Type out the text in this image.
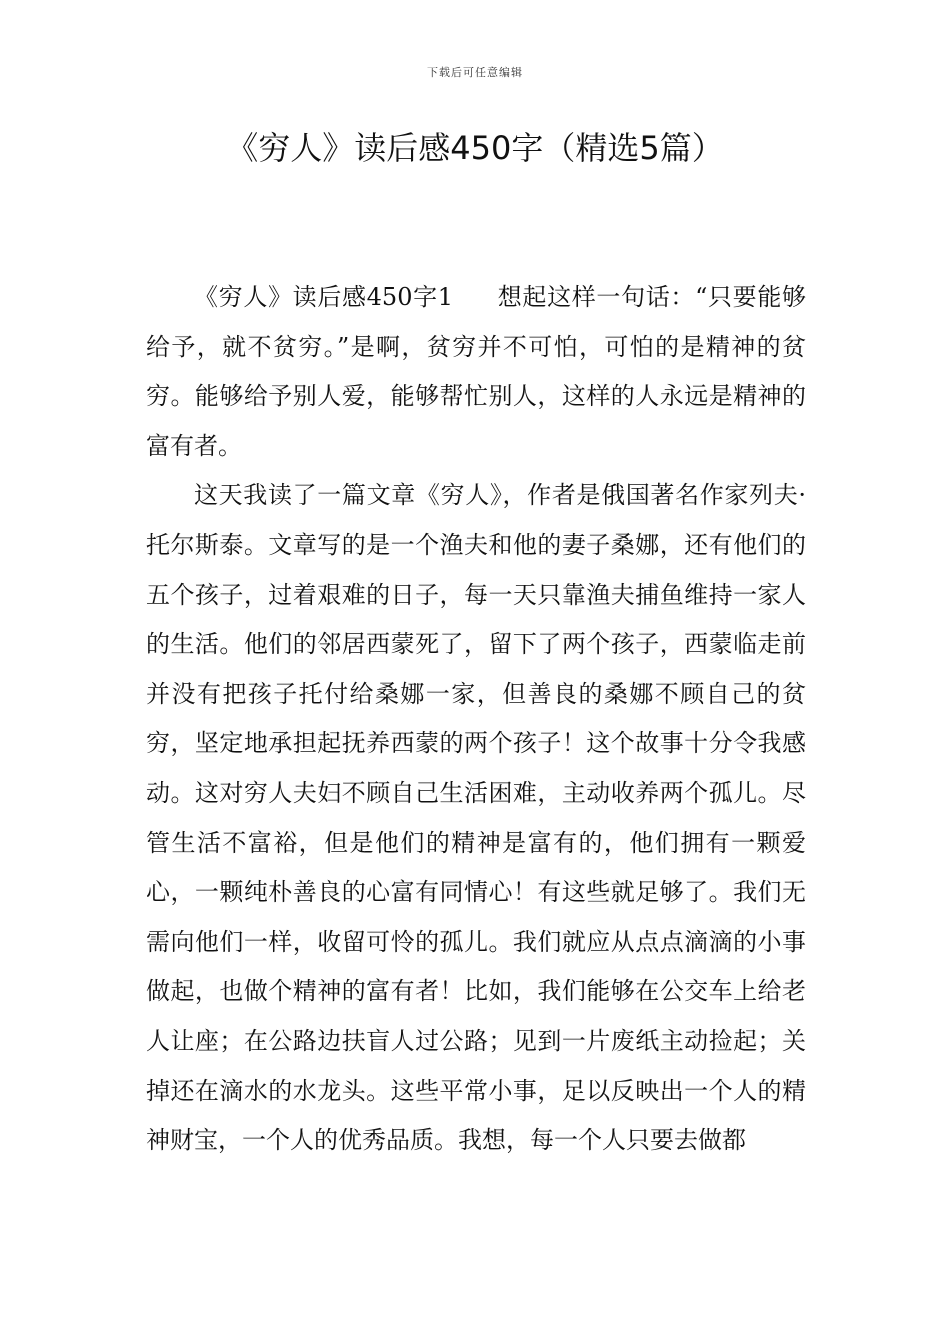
下载后可任意编辑
《穷人》读后感450字（精选5篇）

《穷人》读后感450字1 想起这样一句话：“只要能够给予，就不贫穷。”是啊，贫穷并不可怕，可怕的是精神的贫穷。能够给予别人爱，能够帮忙别人，这样的人永远是精神的富有者。

这天我读了一篇文章《穷人》，作者是俄国著名作家列夫·托尔斯泰。文章写的是一个渔夫和他的妻子桑娜，还有他们的五个孩子，过着艰难的日子，每一天只靠渔夫捕鱼维持一家人的生活。他们的邻居西蒙死了，留下了两个孩子，西蒙临走前并没有把孩子托付给桑娜一家，但善良的桑娜不顾自己的贫穷，坚定地承担起抚养西蒙的两个孩子！这个故事十分令我感动。这对穷人夫妇不顾自己生活困难，主动收养两个孤儿。尽管生活不富裕，但是他们的精神是富有的，他们拥有一颗爱心，一颗纯朴善良的心富有同情心！有这些就足够了。我们无需向他们一样，收留可怜的孤儿。我们就应从点点滴滴的小事做起，也做个精神的富有者！比如，我们能够在公交车上给老人让座；在公路边扶盲人过公路；见到一片废纸主动捡起；关掉还在滴水的水龙头。这些平常小事，足以反映出一个人的精神财宝，一个人的优秀品质。我想，每一个人只要去做都
